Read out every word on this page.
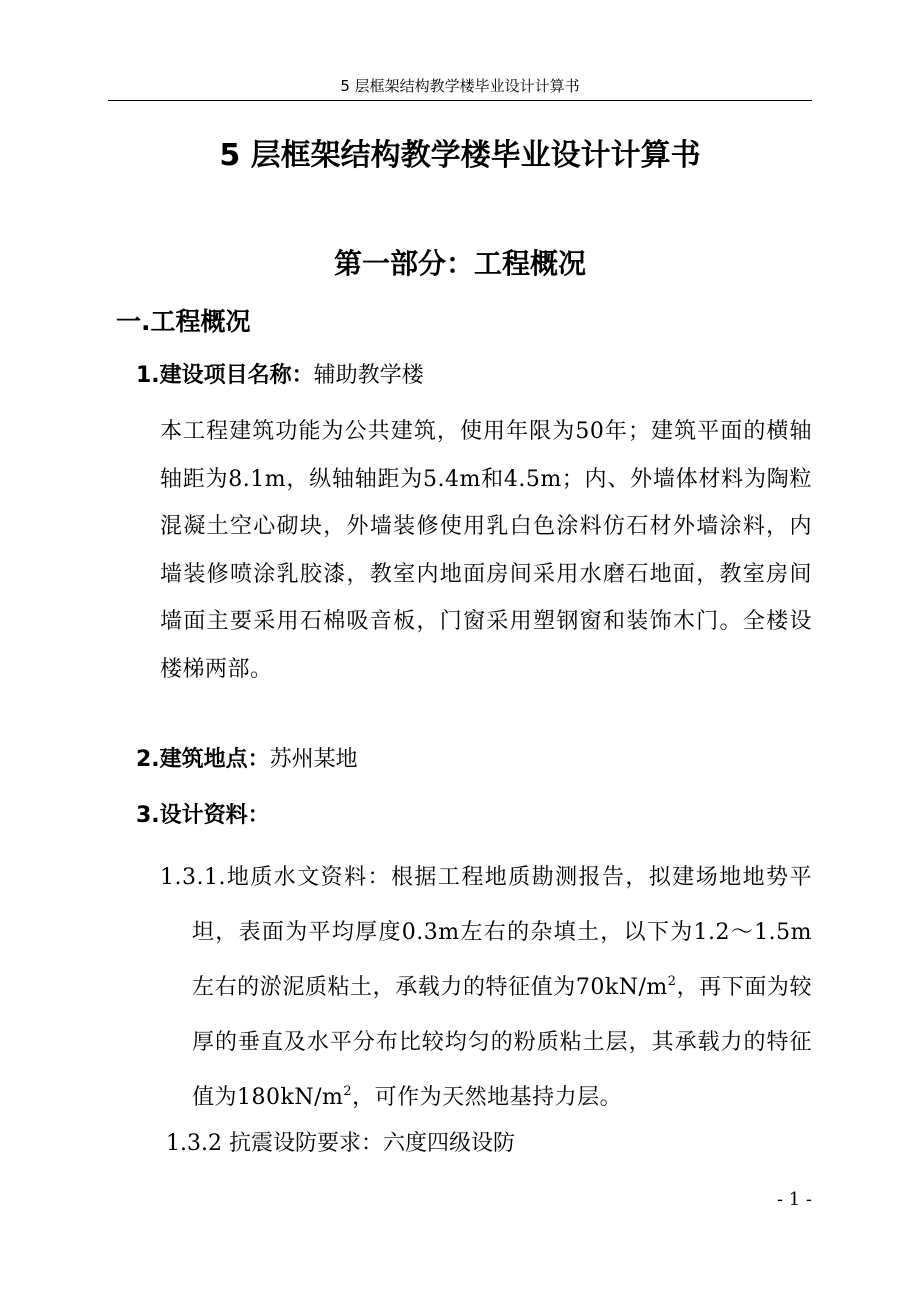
5 层框架结构教学楼毕业设计计算书
5 层框架结构教学楼毕业设计计算书
第一部分：工程概况
一.工程概况
1.建设项目名称：辅助教学楼
本工程建筑功能为公共建筑，使用年限为50年；建筑平面的横轴轴距为8.1m，纵轴轴距为5.4m和4.5m；内、外墙体材料为陶粒混凝土空心砌块，外墙装修使用乳白色涂料仿石材外墙涂料，内墙装修喷涂乳胶漆，教室内地面房间采用水磨石地面，教室房间墙面主要采用石棉吸音板，门窗采用塑钢窗和装饰木门。全楼设楼梯两部。
2.建筑地点：苏州某地
3.设计资料：
1.3.1.地质水文资料：根据工程地质勘测报告，拟建场地地势平坦，表面为平均厚度0.3m左右的杂填土，以下为1.2～1.5m左右的淤泥质粘土，承载力的特征值为$70kN/m^2$，再下面为较厚的垂直及水平分布比较均匀的粉质粘土层，其承载力的特征值为$180kN/m^2$，可作为天然地基持力层。
1.3.2 抗震设防要求：六度四级设防
- 1 -
